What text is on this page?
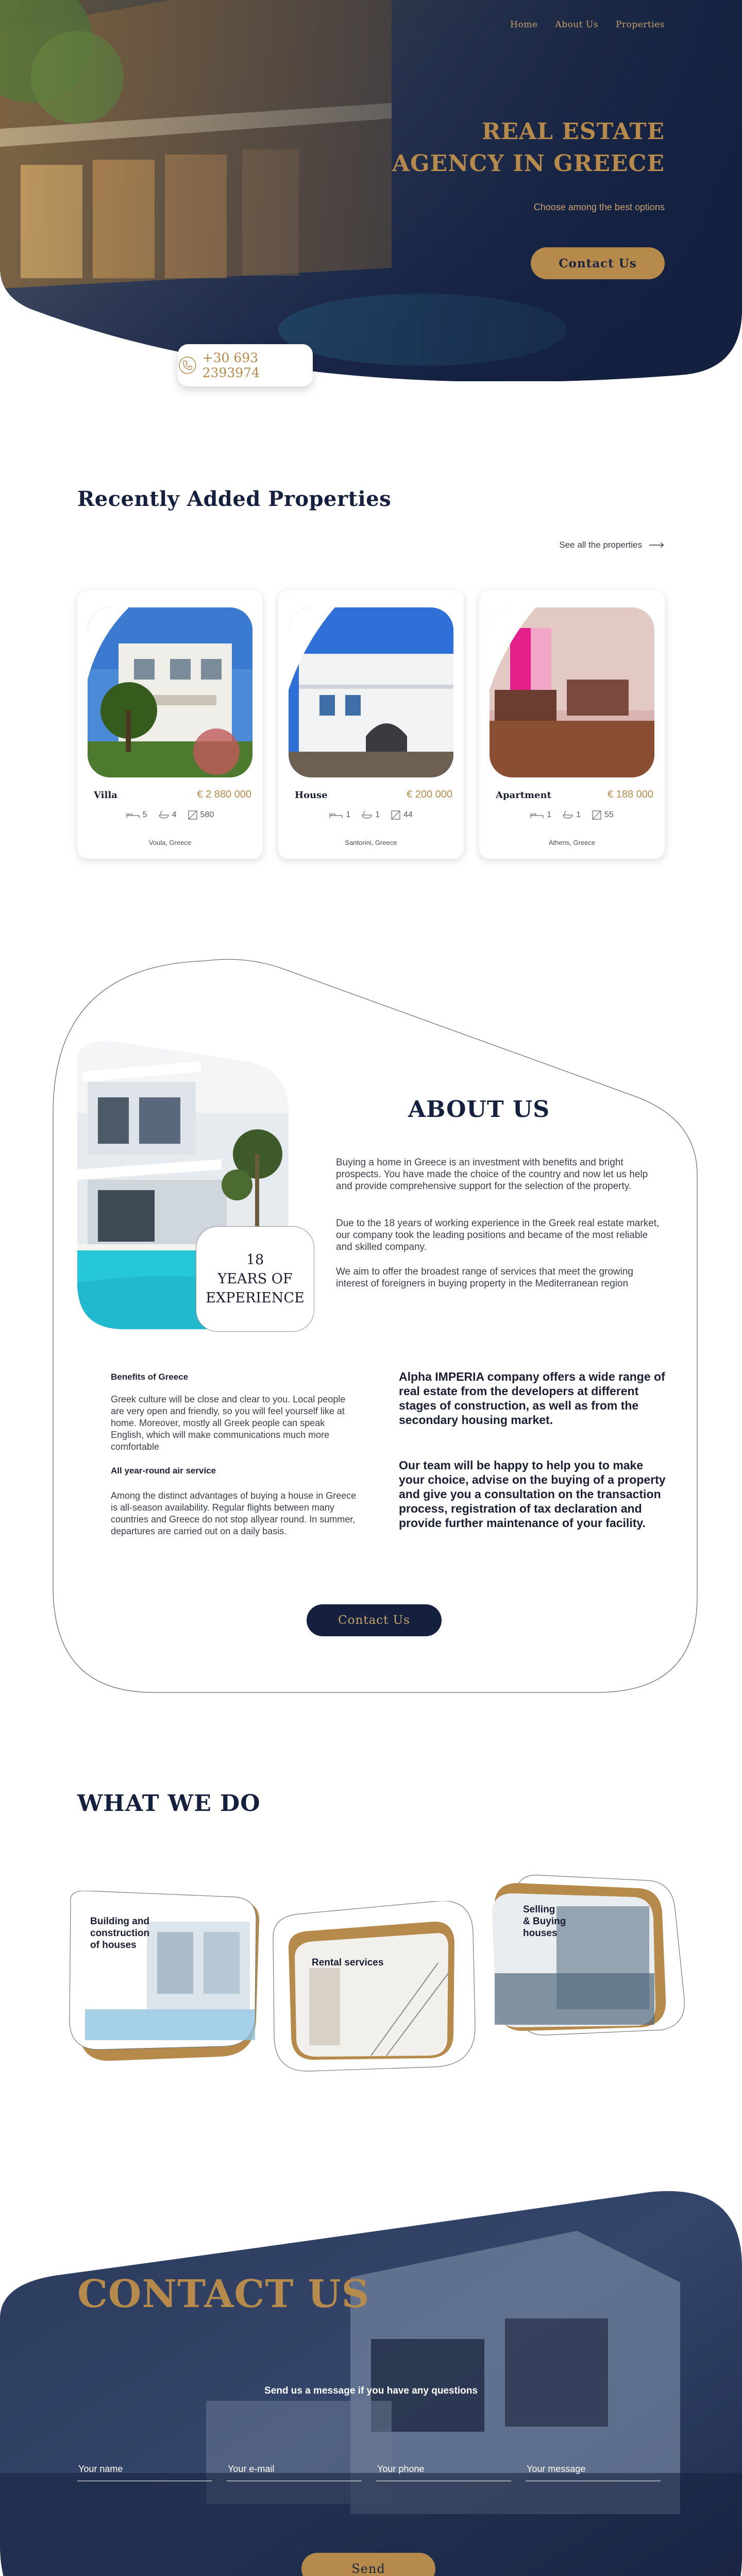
Home About Us Properties
REAL ESTATE
AGENCY IN GREECE
Choose among the best options
Contact Us
+30 693 2393974
Recently Added Properties
See all the properties
Villa	€ 2 880 000
5	4	580
Voula, Greece
House	€ 200 000
1	1	44
Santorini, Greece
Apartment	€ 188 000
1	1	55
Athens, Greece
18
YEARS OF
EXPERIENCE
ABOUT US

Buying a home in Greece is an investment with benefits and bright prospects. You have made the choice of the country and now let us help and provide comprehensive support for the selection of the property.

Due to the 18 years of working experience in the Greek real estate market, our company took the leading positions and became of the most reliable and skilled company.

We aim to offer the broadest range of services that meet the growing interest of foreigners in buying property in the Mediterranean region

Benefits of Greece

Greek culture will be close and clear to you. Local people are very open and friendly, so you will feel yourself like at home. Moreover, mostly all Greek people can speak English, which will make communications much more comfortable

All year-round air service

Among the distinct advantages of buying a house in Greece is all-season availability. Regular flights between many countries and Greece do not stop allyear round. In summer, departures are carried out on a daily basis.

Alpha IMPERIA company offers a wide range of real estate from the developers at different stages of construction, as well as from the secondary housing market.

Our team will be happy to help you to make your choice, advise on the buying of a property and give you a consultation on the transaction process, registration of tax declaration and provide further maintenance of your facility.

Contact Us
WHAT WE DO
Building and
construction
of houses
Rental services
Selling
& Buying
houses
CONTACT US
Send us a message if you have any questions
Your name
Your e-mail
Your phone
Your message
Send
